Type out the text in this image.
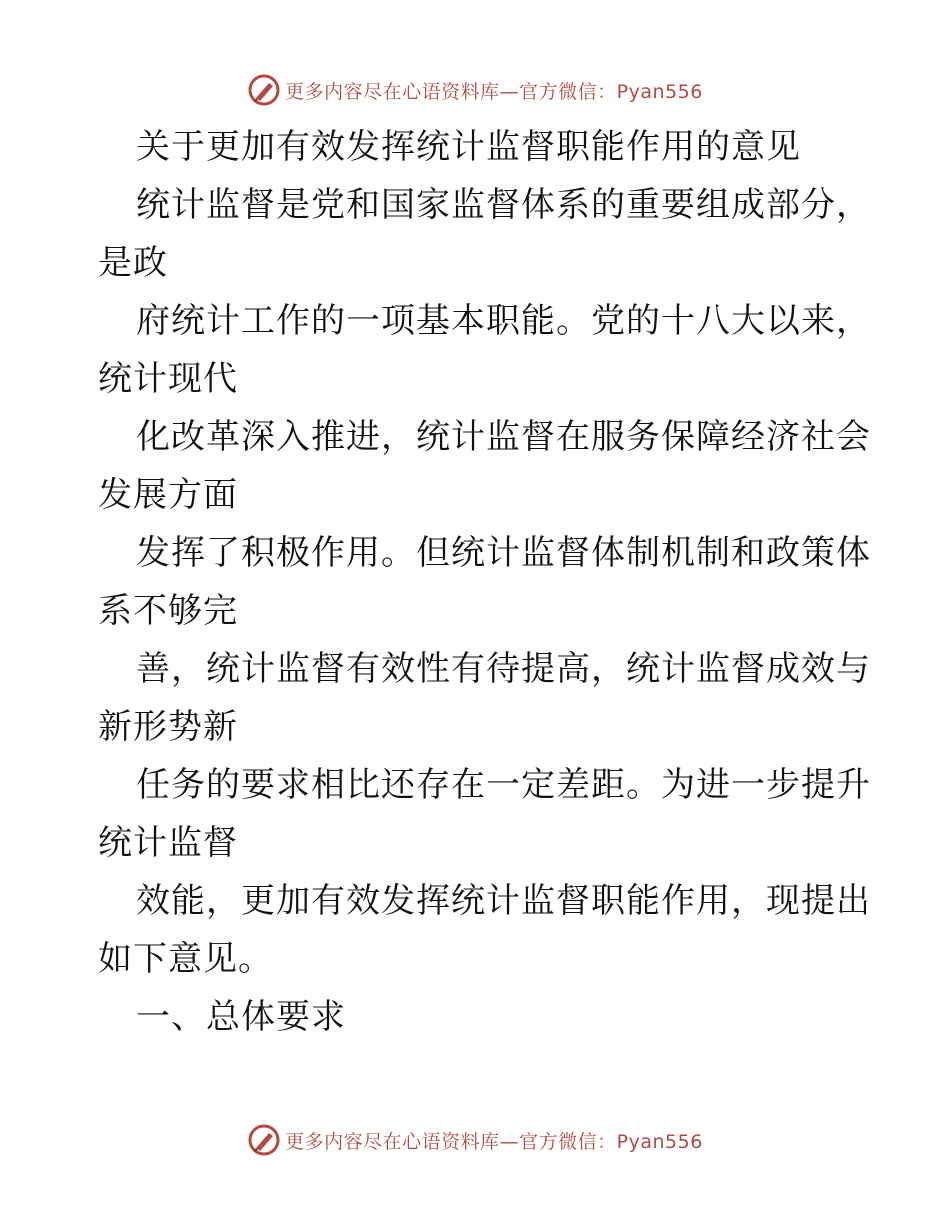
更多内容尽在心语资料库—官方微信：Pyan556
关于更加有效发挥统计监督职能作用的意见
统计监督是党和国家监督体系的重要组成部分，
是政
府统计工作的一项基本职能。党的十八大以来，
统计现代
化改革深入推进，统计监督在服务保障经济社会
发展方面
发挥了积极作用。但统计监督体制机制和政策体
系不够完
善，统计监督有效性有待提高，统计监督成效与
新形势新
任务的要求相比还存在一定差距。为进一步提升
统计监督
效能，更加有效发挥统计监督职能作用，现提出
如下意见。
一、总体要求
更多内容尽在心语资料库—官方微信：Pyan556
